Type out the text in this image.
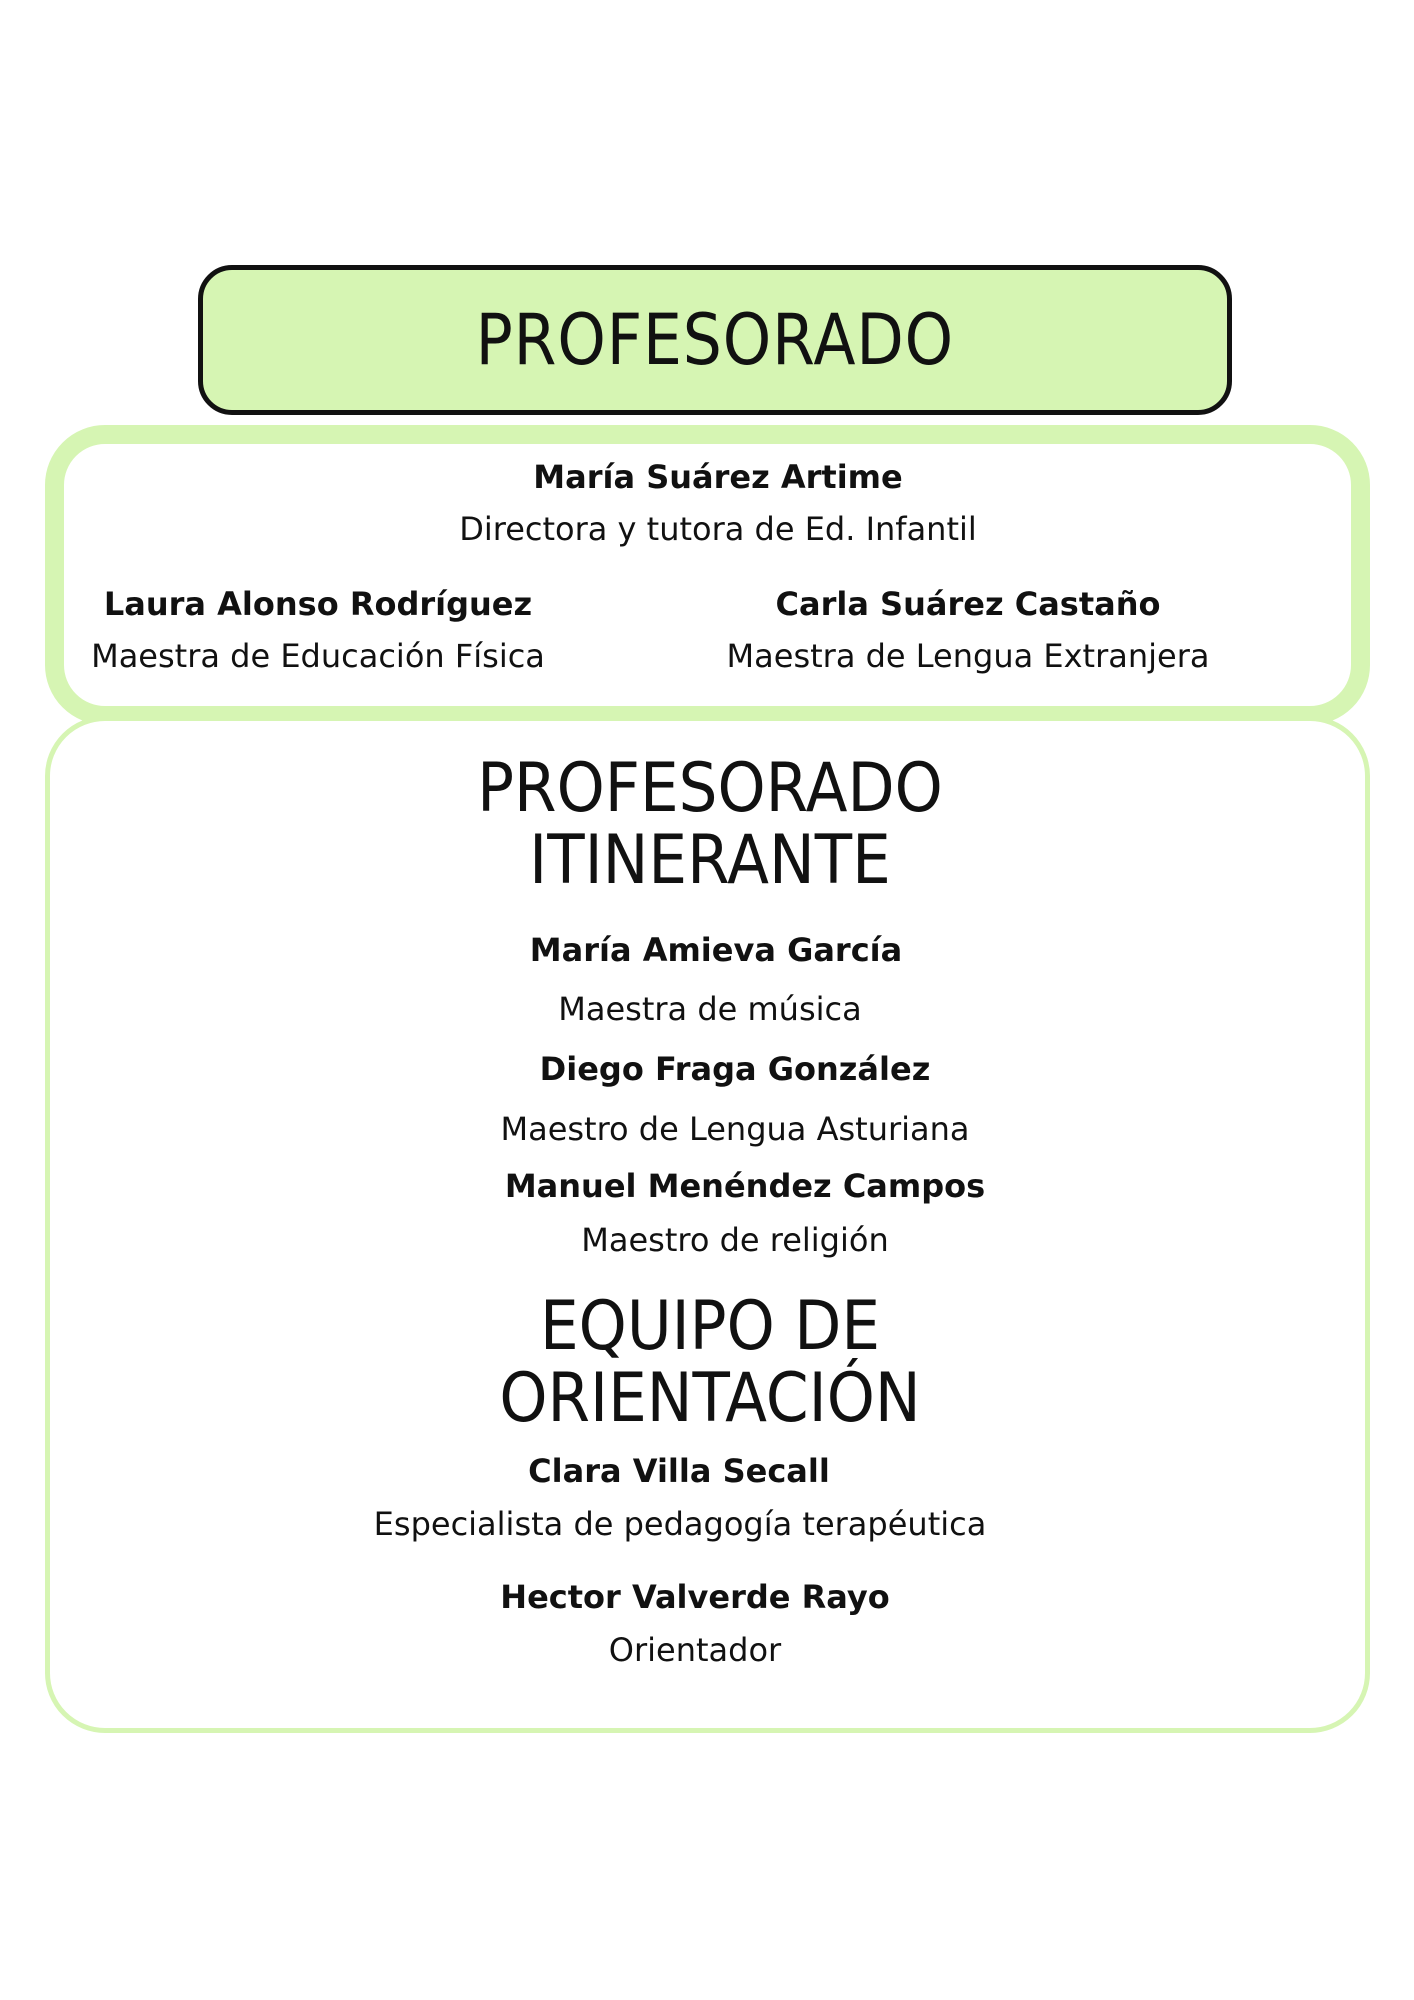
PROFESORADO

María Suárez Artime

Directora y tutora de Ed. Infantil

Laura Alonso Rodríguez

Maestra de Educación Física

Carla Suárez Castaño

Maestra de Lengua Extranjera

PROFESORADO

ITINERANTE

María Amieva García

Maestra de música

Diego Fraga González

Maestro de Lengua Asturiana

Manuel Menéndez Campos

Maestro de religión

EQUIPO DE

ORIENTACIÓN

Clara Villa Secall

Especialista de pedagogía terapéutica

Hector Valverde Rayo

Orientador
